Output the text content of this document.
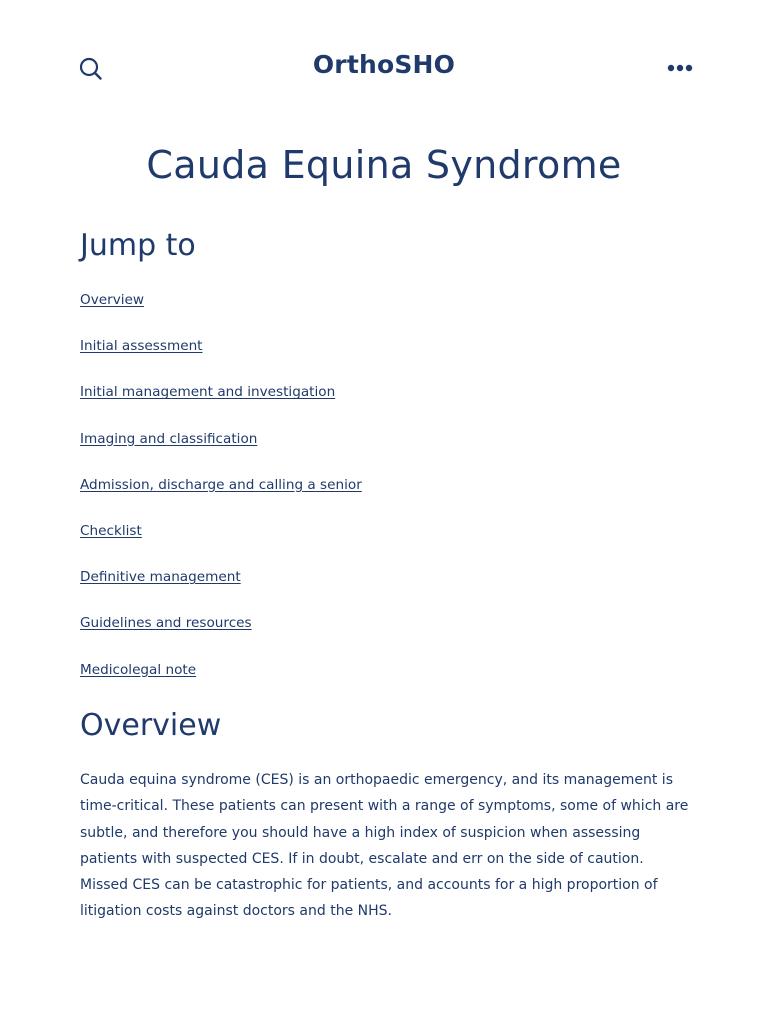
OrthoSHO
Cauda Equina Syndrome
Jump to
Overview
Initial assessment
Initial management and investigation
Imaging and classification
Admission, discharge and calling a senior
Checklist
Definitive management
Guidelines and resources
Medicolegal note
Overview

Cauda equina syndrome (CES) is an orthopaedic emergency, and its management is time-critical. These patients can present with a range of symptoms, some of which are subtle, and therefore you should have a high index of suspicion when assessing patients with suspected CES. If in doubt, escalate and err on the side of caution. Missed CES can be catastrophic for patients, and accounts for a high proportion of litigation costs against doctors and the NHS.
